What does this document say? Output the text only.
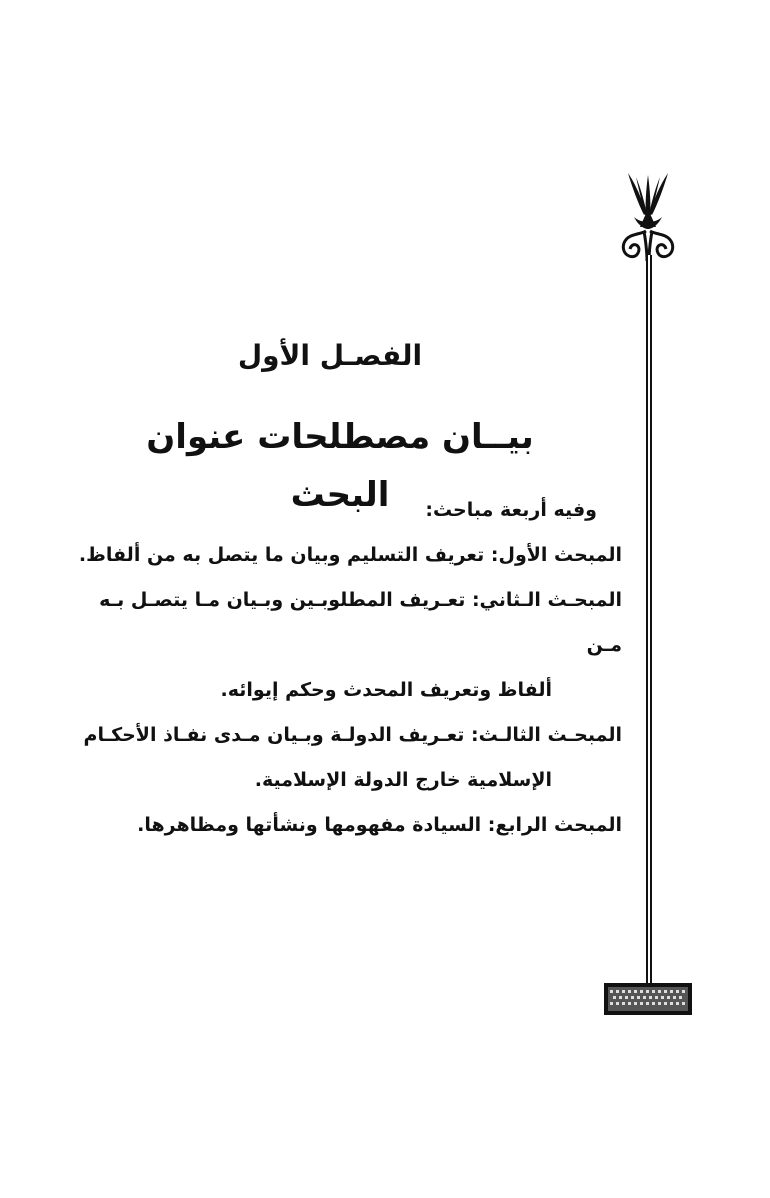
الفصـل الأول
بيــان مصطلحات عنوان البحث	وفيه أربعة مباحث:

المبحث الأول: تعريف التسليم وبيان ما يتصل به من ألفاظ.
المبحـث الـثاني: تعـريف المطلوبـين وبـيان مـا يتصـل بـه مـن
ألفاظ وتعريف المحدث وحكم إيوائه.
المبحـث الثالـث: تعـريف الدولـة وبـيان مـدى نفـاذ الأحكـام
الإسلامية خارج الدولة الإسلامية.
المبحث الرابع: السيادة مفهومها ونشأتها ومظاهرها.
